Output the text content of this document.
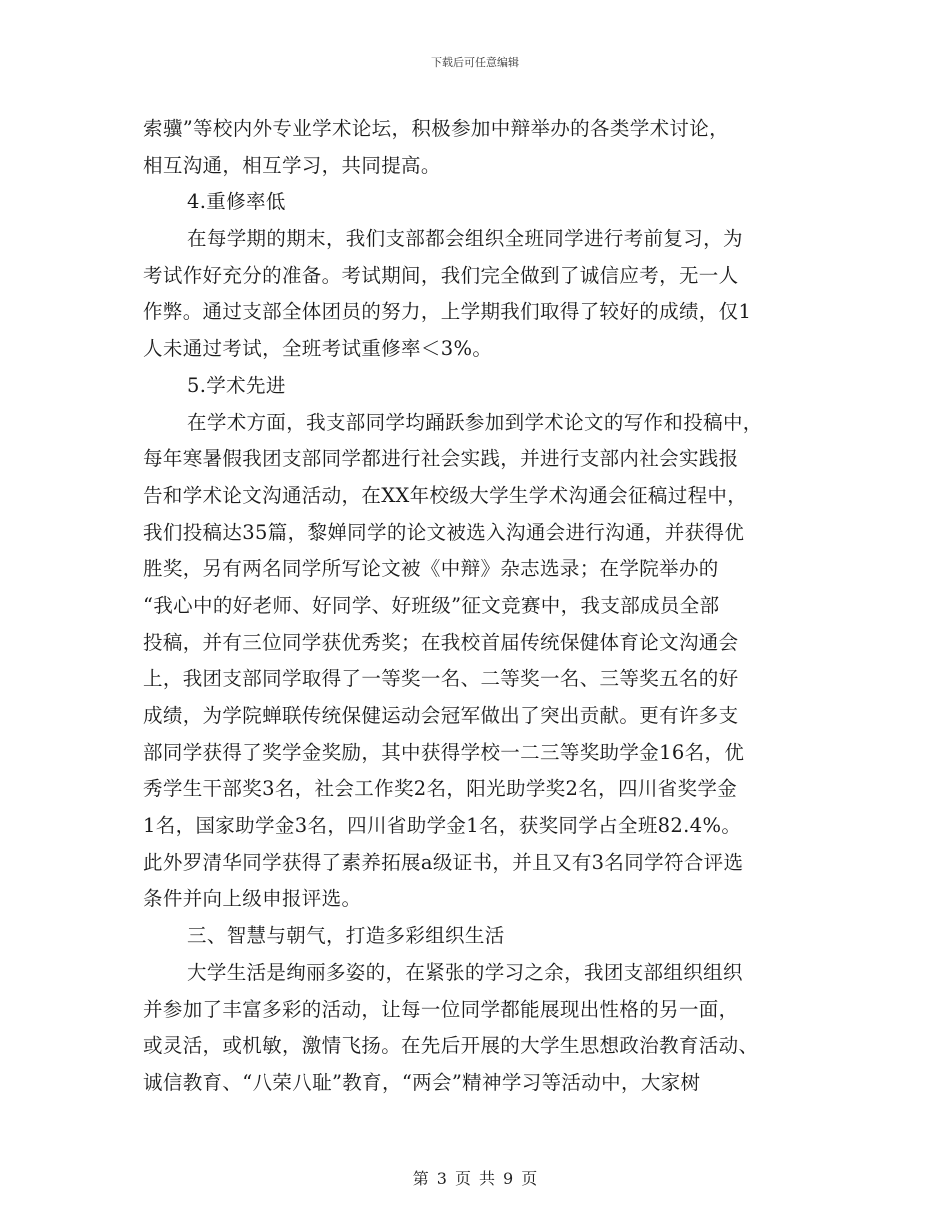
下载后可任意编辑
索骥”等校内外专业学术论坛，积极参加中辩举办的各类学术讨论，
相互沟通，相互学习，共同提高。
4.重修率低
在每学期的期末，我们支部都会组织全班同学进行考前复习，为
考试作好充分的准备。考试期间，我们完全做到了诚信应考，无一人
作弊。通过支部全体团员的努力，上学期我们取得了较好的成绩，仅1
人未通过考试，全班考试重修率＜3%。
5.学术先进
在学术方面，我支部同学均踊跃参加到学术论文的写作和投稿中，
每年寒暑假我团支部同学都进行社会实践，并进行支部内社会实践报
告和学术论文沟通活动，在XX年校级大学生学术沟通会征稿过程中，
我们投稿达35篇，黎婵同学的论文被选入沟通会进行沟通，并获得优
胜奖，另有两名同学所写论文被《中辩》杂志选录；在学院举办的
“我心中的好老师、好同学、好班级”征文竞赛中，我支部成员全部
投稿，并有三位同学获优秀奖；在我校首届传统保健体育论文沟通会
上，我团支部同学取得了一等奖一名、二等奖一名、三等奖五名的好
成绩，为学院蝉联传统保健运动会冠军做出了突出贡献。更有许多支
部同学获得了奖学金奖励，其中获得学校一二三等奖助学金16名，优
秀学生干部奖3名，社会工作奖2名，阳光助学奖2名，四川省奖学金
1名，国家助学金3名，四川省助学金1名，获奖同学占全班82.4%。
此外罗清华同学获得了素养拓展a级证书，并且又有3名同学符合评选
条件并向上级申报评选。
三、智慧与朝气，打造多彩组织生活
大学生活是绚丽多姿的，在紧张的学习之余，我团支部组织组织
并参加了丰富多彩的活动，让每一位同学都能展现出性格的另一面，
或灵活，或机敏，激情飞扬。在先后开展的大学生思想政治教育活动、
诚信教育、“八荣八耻”教育，“两会”精神学习等活动中，大家树
第 3 页 共 9 页
